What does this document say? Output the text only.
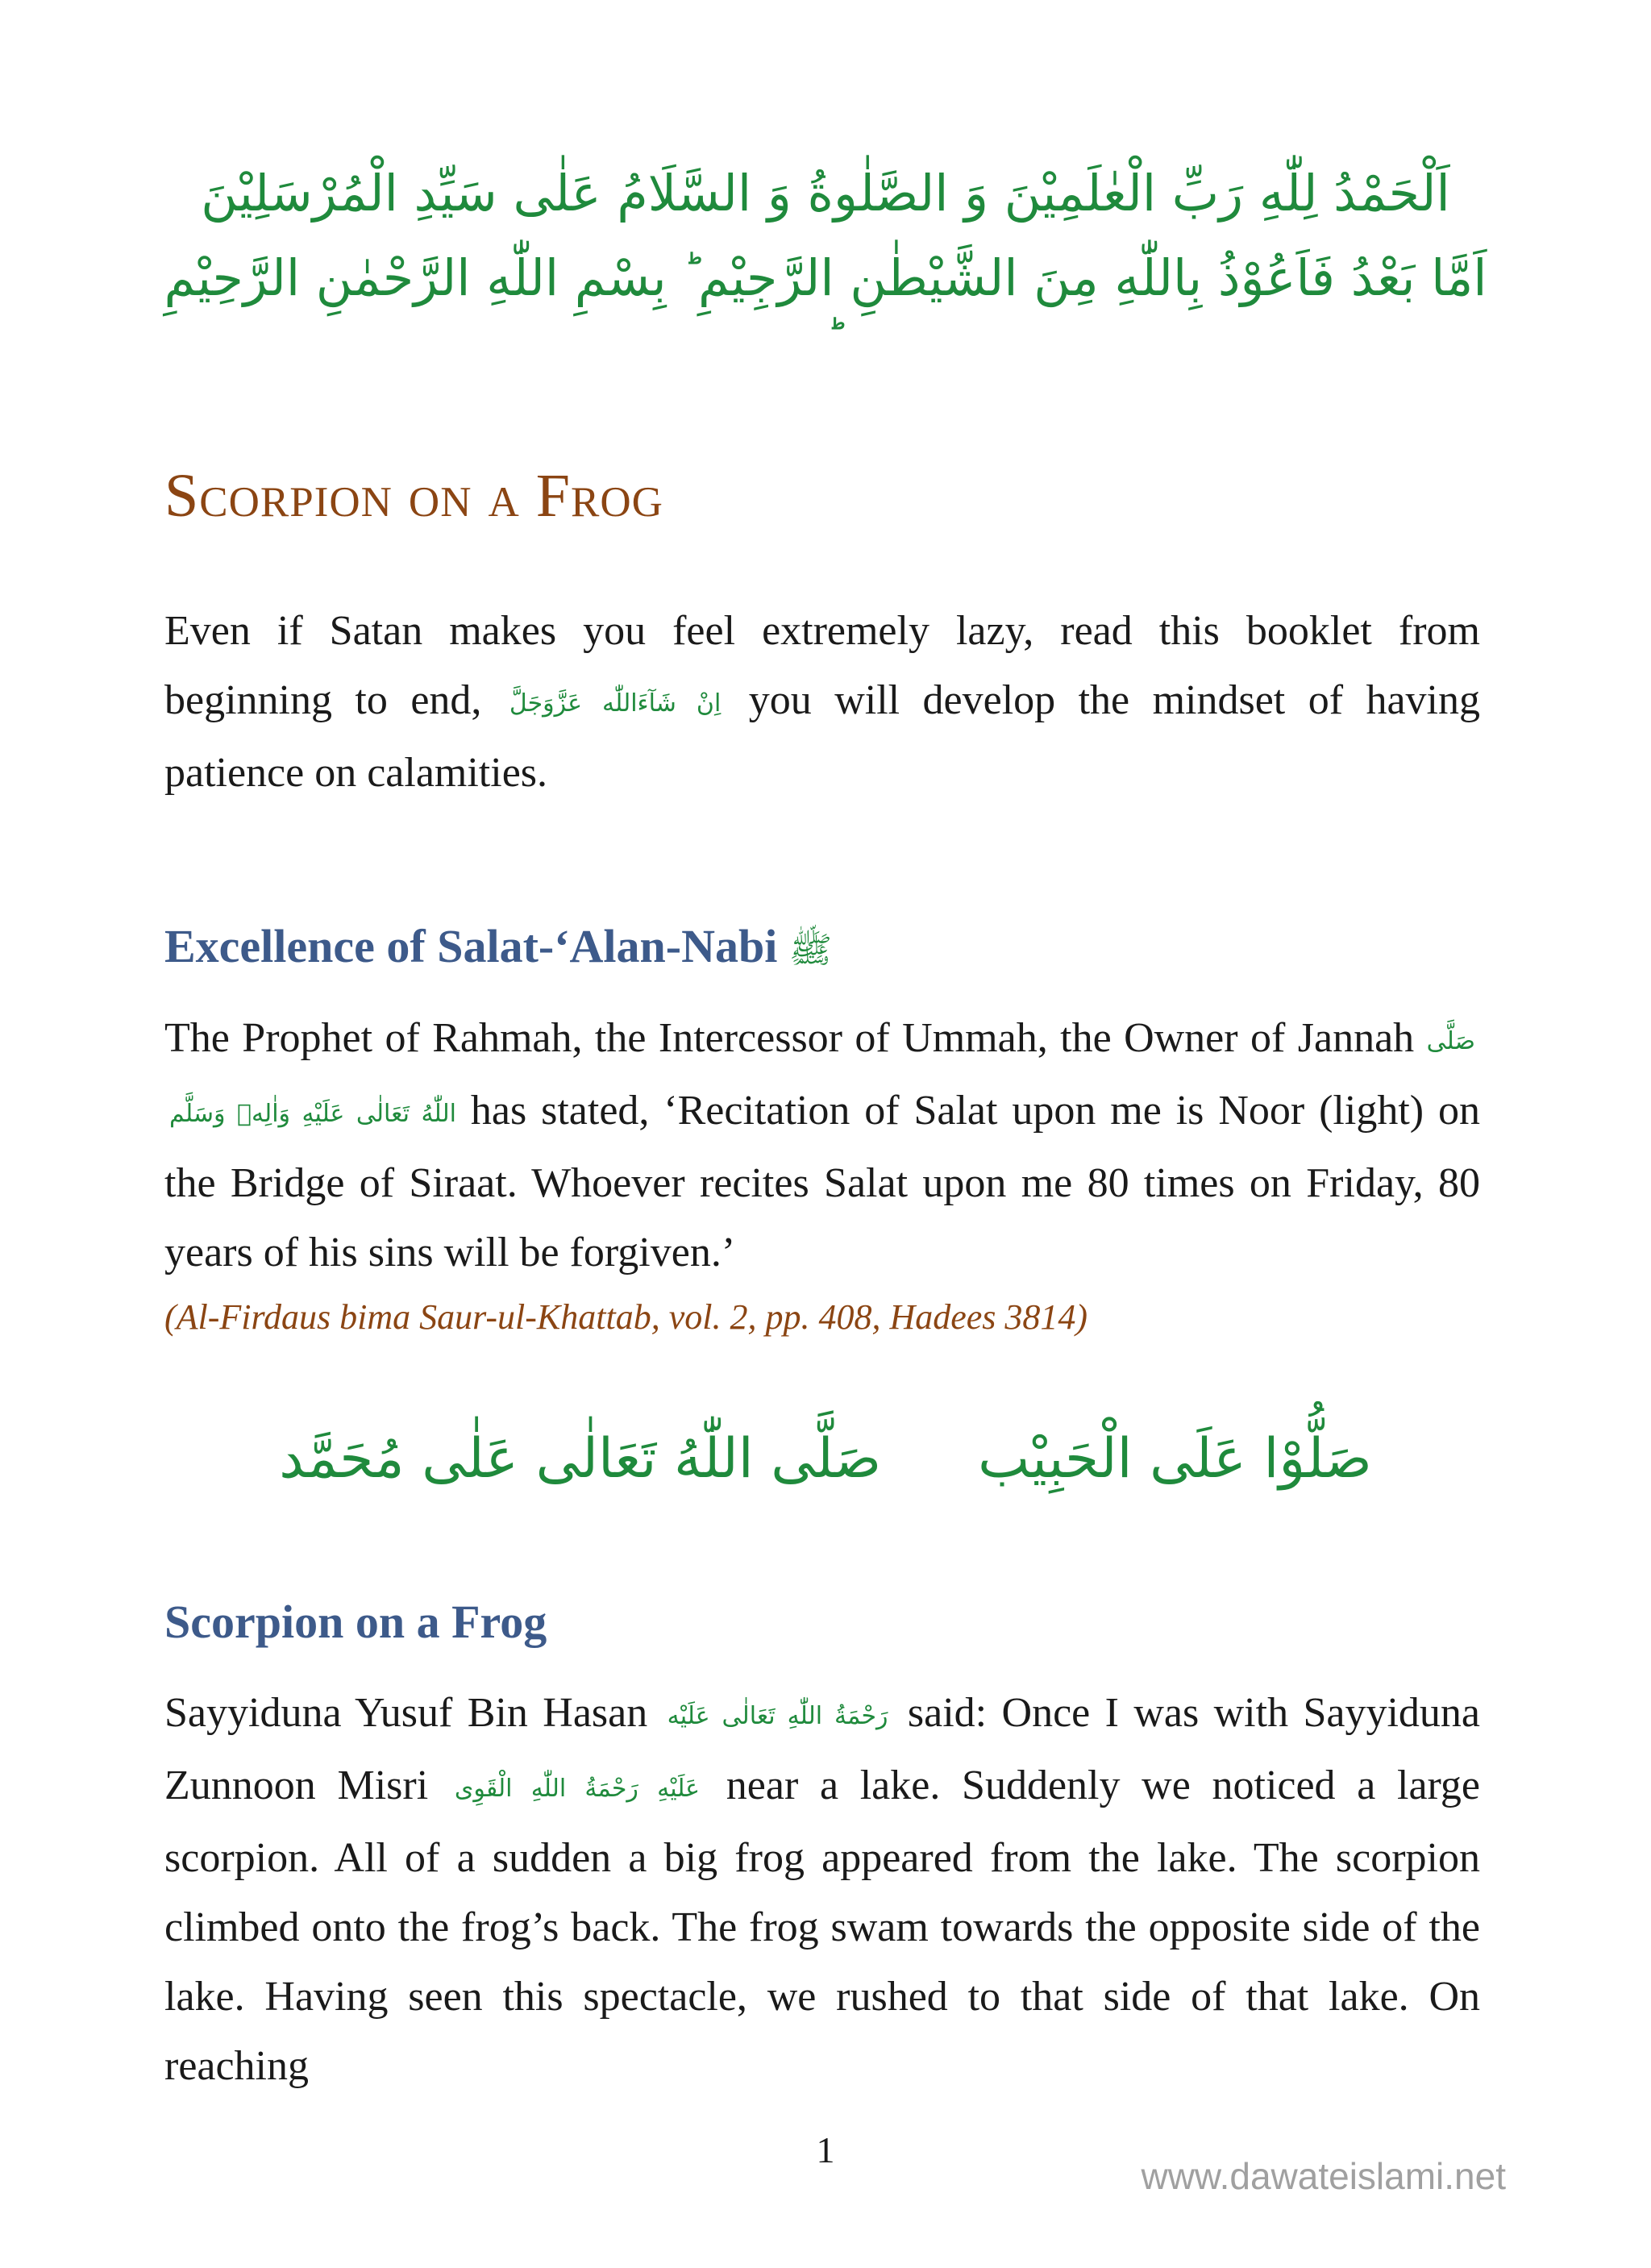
اَلْحَمْدُ لِلّٰهِ رَبِّ الْعٰلَمِيْنَ وَ الصَّلٰوةُ وَ السَّلَامُ عَلٰى سَيِّدِ الْمُرْسَلِيْنَ
اَمَّا بَعْدُ فَاَعُوْذُ بِاللّٰهِ مِنَ الشَّيْطٰنِ الرَّجِيْمِ ؕ بِسْمِ اللّٰهِ الرَّحْمٰنِ الرَّحِيْمِ
Scorpion on a Frog

Even if Satan makes you feel extremely lazy, read this booklet from beginning to end, اِنْ شَآءَاللّٰه عَزَّوَجَلَّ you will develop the mindset of having patience on calamities.

Excellence of Salat-‘Alan-Nabi ﷺ

The Prophet of Rahmah, the Intercessor of Ummah, the Owner of Jannah صَلَّى اللّٰهُ تَعَالٰى عَلَيْهِ وَاٰلِهٖ وَسَلَّم has stated, ‘Recitation of Salat upon me is Noor (light) on the Bridge of Siraat. Whoever recites Salat upon me 80 times on Friday, 80 years of his sins will be forgiven.’

(Al-Firdaus bima Saur-ul-Khattab, vol. 2, pp. 408, Hadees 3814)

صَلُّوْا عَلَى الْحَبِيْب
صَلَّى اللّٰهُ تَعَالٰى عَلٰى مُحَمَّد
Scorpion on a Frog

Sayyiduna Yusuf Bin Hasan رَحْمَةُ اللّٰهِ تَعَالٰى عَلَيْه said: Once I was with Sayyiduna Zunnoon Misri عَلَيْهِ رَحْمَةُ اللّٰهِ الْقَوِى near a lake. Suddenly we noticed a large scorpion. All of a sudden a big frog appeared from the lake. The scorpion climbed onto the frog’s back. The frog swam towards the opposite side of the lake. Having seen this spectacle, we rushed to that side of that lake. On reaching

1
www.dawateislami.net
